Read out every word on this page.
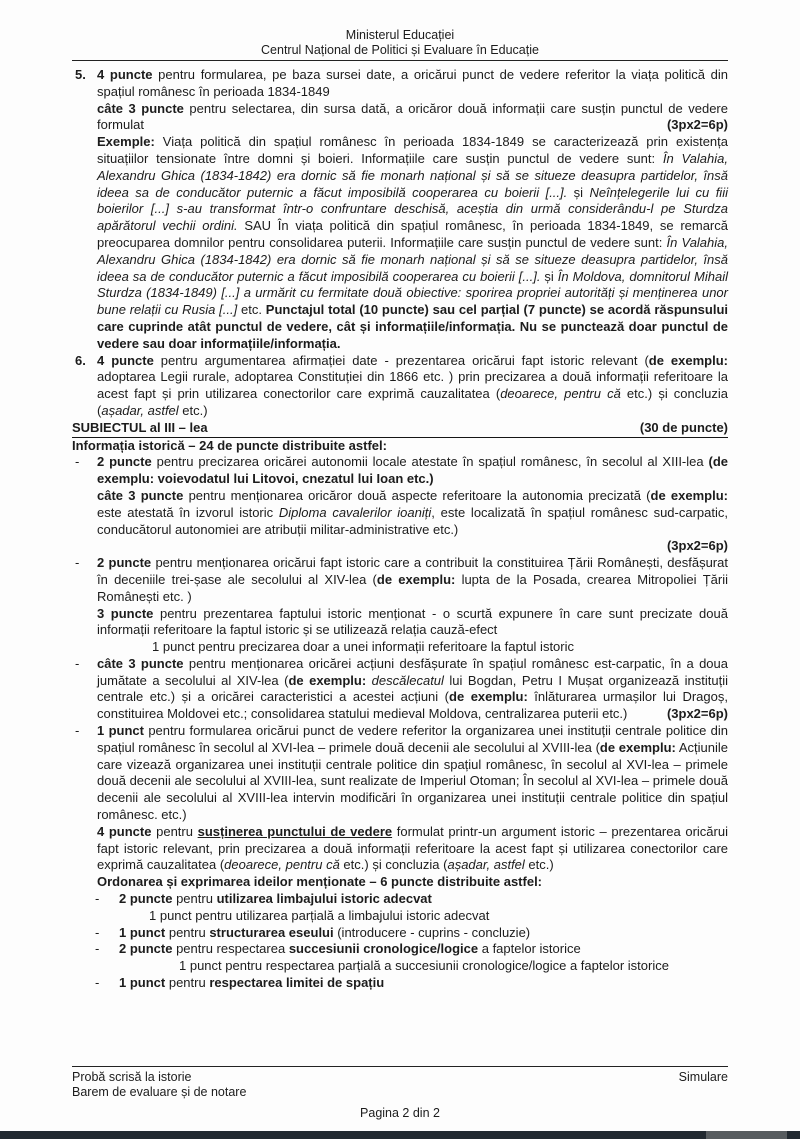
Ministerul Educației
Centrul Național de Politici și Evaluare în Educație
5. 4 puncte pentru formularea, pe baza sursei date, a oricărui punct de vedere referitor la viața politică din spațiul românesc în perioada 1834-1849
câte 3 puncte pentru selectarea, din sursa dată, a oricăror două informații care susțin punctul de vedere formulat	(3px2=6p)
Exemple: Viața politică din spațiul românesc în perioada 1834-1849 se caracterizează prin existența situațiilor tensionate între domni și boieri. Informațiile care susțin punctul de vedere sunt: În Valahia, Alexandru Ghica (1834-1842) era dornic să fie monarh național și să se situeze deasupra partidelor, însă ideea sa de conducător puternic a făcut imposibilă cooperarea cu boierii [...]. și Neînțelegerile lui cu fiii boierilor [...] s-au transformat într-o confruntare deschisă, aceștia din urmă considerându-l pe Sturdza apărătorul vechii ordini. SAU În viața politică din spațiul românesc, în perioada 1834-1849, se remarcă preocuparea domnilor pentru consolidarea puterii. Informațiile care susțin punctul de vedere sunt: În Valahia, Alexandru Ghica (1834-1842) era dornic să fie monarh național și să se situeze deasupra partidelor, însă ideea sa de conducător puternic a făcut imposibilă cooperarea cu boierii [...]. și În Moldova, domnitorul Mihail Sturdza (1834-1849) [...] a urmărit cu fermitate două obiective: sporirea propriei autorități și menținerea unor bune relații cu Rusia [...] etc. Punctajul total (10 puncte) sau cel parțial (7 puncte) se acordă răspunsului care cuprinde atât punctul de vedere, cât și informațiile/informația. Nu se punctează doar punctul de vedere sau doar informațiile/informația.
6. 4 puncte pentru argumentarea afirmației date - prezentarea oricărui fapt istoric relevant (de exemplu: adoptarea Legii rurale, adoptarea Constituției din 1866 etc. ) prin precizarea a două informații referitoare la acest fapt și prin utilizarea conectorilor care exprimă cauzalitatea (deoarece, pentru că etc.) și concluzia (așadar, astfel etc.)
SUBIECTUL al III – lea	(30 de puncte)
Informația istorică – 24 de puncte distribuite astfel:
- 2 puncte pentru precizarea oricărei autonomii locale atestate în spațiul românesc, în secolul al XIII-lea (de exemplu: voievodatul lui Litovoi, cnezatul lui Ioan etc.)
câte 3 puncte pentru menționarea oricăror două aspecte referitoare la autonomia precizată (de exemplu: este atestată în izvorul istoric Diploma cavalerilor ioaniți, este localizată în spațiul românesc sud-carpatic, conducătorul autonomiei are atribuții militar-administrative etc.)
(3px2=6p)
- 2 puncte pentru menționarea oricărui fapt istoric care a contribuit la constituirea Țării Românești, desfășurat în deceniile trei-șase ale secolului al XIV-lea (de exemplu: lupta de la Posada, crearea Mitropoliei Țării Românești etc. )
3 puncte pentru prezentarea faptului istoric menționat - o scurtă expunere în care sunt precizate două informații referitoare la faptul istoric și se utilizează relația cauză-efect
1 punct pentru precizarea doar a unei informații referitoare la faptul istoric
- câte 3 puncte pentru menționarea oricărei acțiuni desfășurate în spațiul românesc est-carpatic, în a doua jumătate a secolului al XIV-lea (de exemplu: descălecatul lui Bogdan, Petru I Mușat organizează instituții centrale etc.) și a oricărei caracteristici a acestei acțiuni (de exemplu: înlăturarea urmașilor lui Dragoș, constituirea Moldovei etc.; consolidarea statului medieval Moldova, centralizarea puterii etc.)	(3px2=6p)
- 1 punct pentru formularea oricărui punct de vedere referitor la organizarea unei instituții centrale politice din spațiul românesc în secolul al XVI-lea – primele două decenii ale secolului al XVIII-lea (de exemplu: Acțiunile care vizează organizarea unei instituții centrale politice din spațiul românesc, în secolul al XVI-lea – primele două decenii ale secolului al XVIII-lea, sunt realizate de Imperiul Otoman; În secolul al XVI-lea – primele două decenii ale secolului al XVIII-lea intervin modificări în organizarea unei instituții centrale politice din spațiul românesc. etc.)
4 puncte pentru susținerea punctului de vedere formulat printr-un argument istoric – prezentarea oricărui fapt istoric relevant, prin precizarea a două informații referitoare la acest fapt și utilizarea conectorilor care exprimă cauzalitatea (deoarece, pentru că etc.) și concluzia (așadar, astfel etc.)
Ordonarea și exprimarea ideilor menționate – 6 puncte distribuite astfel:
- 2 puncte pentru utilizarea limbajului istoric adecvat
1 punct pentru utilizarea parțială a limbajului istoric adecvat
- 1 punct pentru structurarea eseului (introducere - cuprins - concluzie)
- 2 puncte pentru respectarea succesiunii cronologice/logice a faptelor istorice
1 punct pentru respectarea parțială a succesiunii cronologice/logice a faptelor istorice
- 1 punct pentru respectarea limitei de spațiu
Probă scrisă la istorie	Simulare
Barem de evaluare și de notare
Pagina 2 din 2
